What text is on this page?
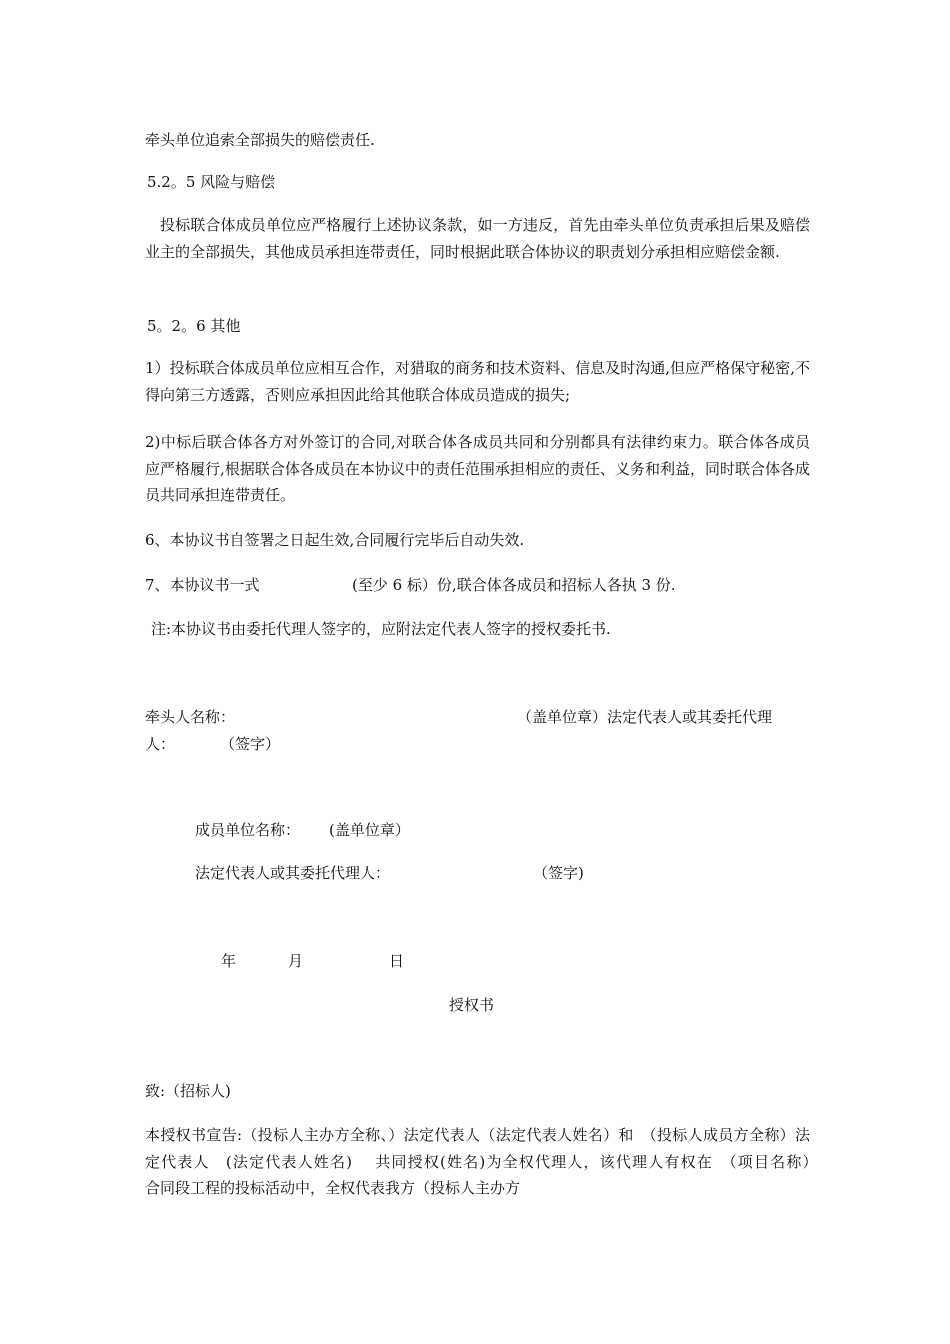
牵头单位追索全部损失的赔偿责任.
5.2。5 风险与赔偿
投标联合体成员单位应严格履行上述协议条款，如一方违反，首先由牵头单位负责承担后果及赔偿业主的全部损失，其他成员承担连带责任，同时根据此联合体协议的职责划分承担相应赔偿金额.
5。2。6 其他
1）投标联合体成员单位应相互合作，对猎取的商务和技术资料、信息及时沟通,但应严格保守秘密,不得向第三方透露，否则应承担因此给其他联合体成员造成的损失;
2)中标后联合体各方对外签订的合同,对联合体各成员共同和分别都具有法律约束力。联合体各成员应严格履行,根据联合体各成员在本协议中的责任范围承担相应的责任、义务和利益，同时联合体各成员共同承担连带责任。
6、本协议书自签署之日起生效,合同履行完毕后自动失效.
7、本协议书一式	(至少 6 标）份,联合体各成员和招标人各执 3 份.
注:本协议书由委托代理人签字的，应附法定代表人签字的授权委托书.
牵头人名称：	（盖单位章）法定代表人或其委托代理
人：	（签字）
成员单位名称： (盖单位章）
法定代表人或其委托代理人：	（签字)
年	月	日
授权书
致:（招标人)
本授权书宣告:（投标人主办方全称、）法定代表人（法定代表人姓名）和　（投标人成员方全称）法定代表人　(法定代表人姓名)　 共同授权(姓名)为全权代理人，该代理人有权在　（项目名称）　　　　　合同段工程的投标活动中，全权代表我方（投标人主办方
